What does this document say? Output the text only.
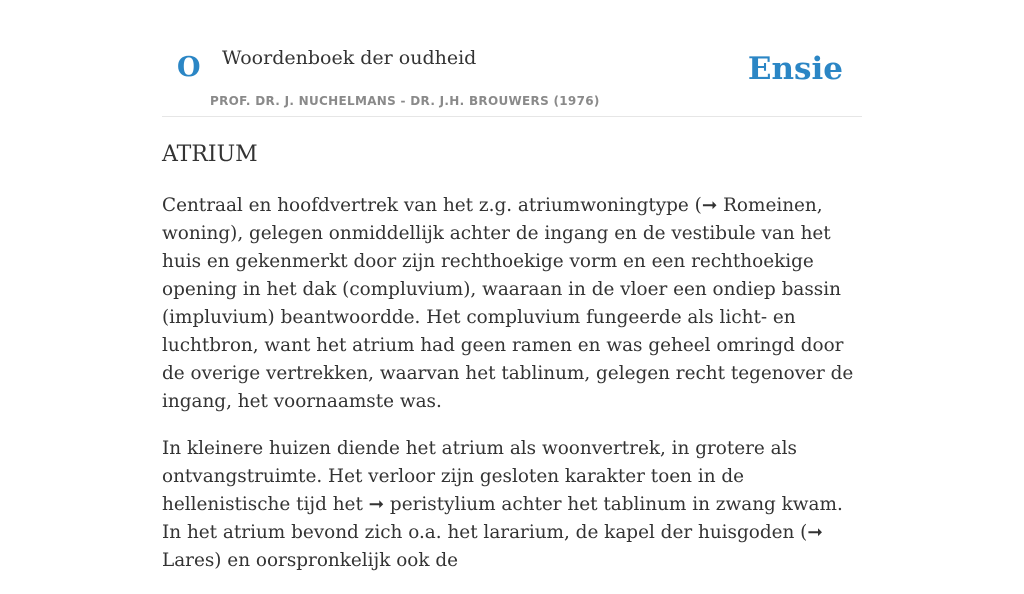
O Woordenboek der oudheid	Ensie
PROF. DR. J. NUCHELMANS - DR. J.H. BROUWERS (1976)
ATRIUM

Centraal en hoofdvertrek van het z.g. atriumwoningtype (➞ Romeinen, woning), gelegen onmiddellijk achter de ingang en de vestibule van het huis en gekenmerkt door zijn rechthoekige vorm en een rechthoekige opening in het dak (compluvium), waaraan in de vloer een ondiep bassin (impluvium) beantwoordde. Het compluvium fungeerde als licht- en luchtbron, want het atrium had geen ramen en was geheel omringd door de overige vertrekken, waarvan het tablinum, gelegen recht tegenover de ingang, het voornaamste was.

In kleinere huizen diende het atrium als woonvertrek, in grotere als ontvangstruimte. Het verloor zijn gesloten karakter toen in de hellenistische tijd het ➞ peristylium achter het tablinum in zwang kwam. In het atrium bevond zich o.a. het lararium, de kapel der huisgoden (➞ Lares) en oorspronkelijk ook de
